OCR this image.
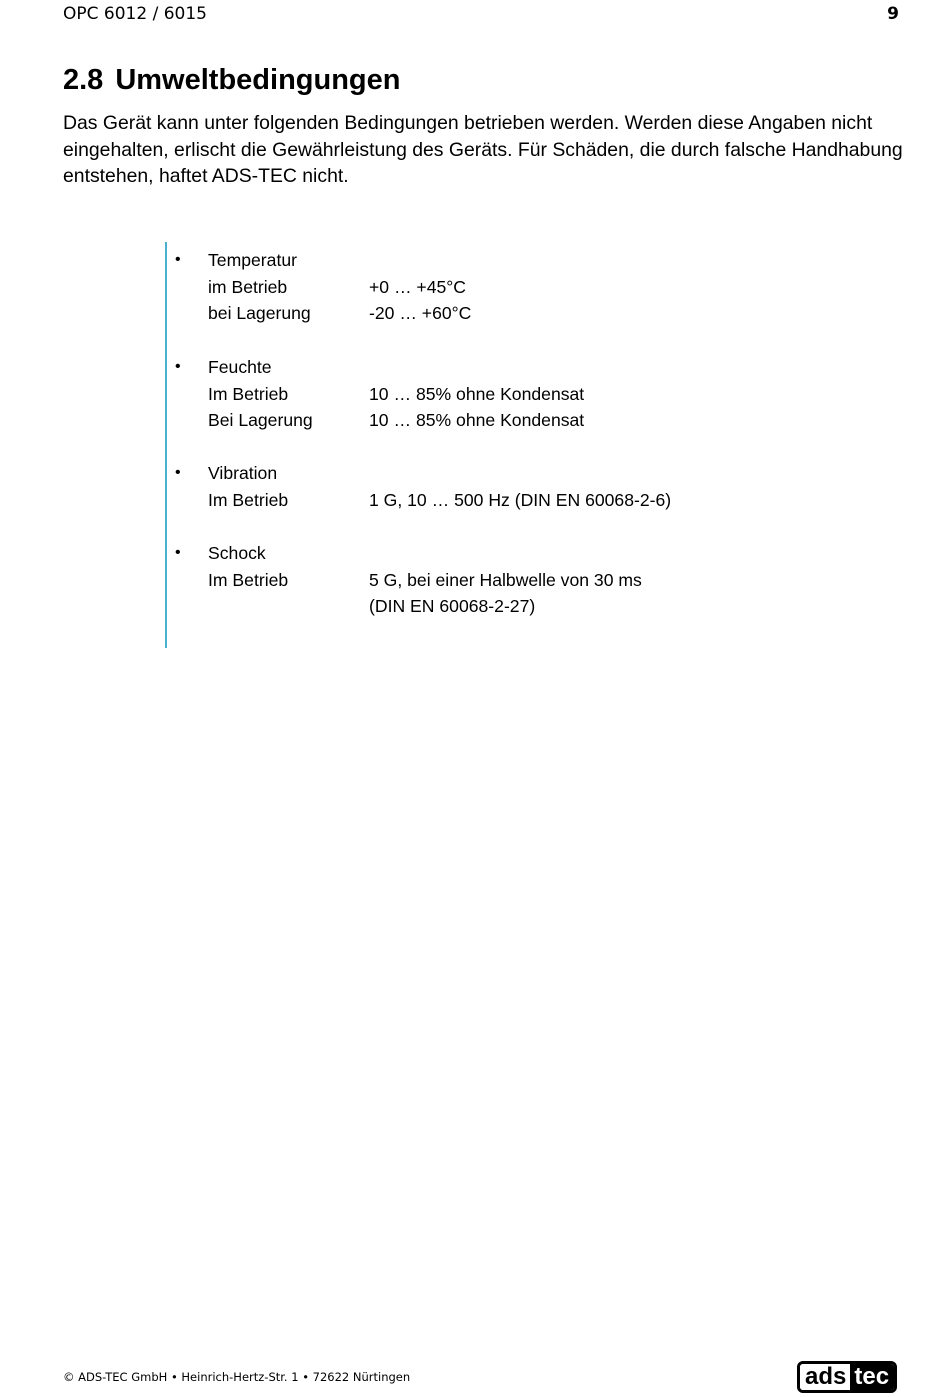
OPC 6012 / 6015	9
2.8 Umweltbedingungen

Das Gerät kann unter folgenden Bedingungen betrieben werden. Werden diese Angaben nicht eingehalten, erlischt die Gewährleistung des Geräts. Für Schäden, die durch falsche Handhabung entstehen, haftet ADS-TEC nicht.

• Temperatur
im Betrieb	+0 … +45°C
bei Lagerung	-20 … +60°C
• Feuchte
Im Betrieb	10 … 85% ohne Kondensat
Bei Lagerung	10 … 85% ohne Kondensat
• Vibration
Im Betrieb	1 G, 10 … 500 Hz (DIN EN 60068-2-6)
• Schock
Im Betrieb	5 G, bei einer Halbwelle von 30 ms
(DIN EN 60068-2-27)
© ADS-TEC GmbH • Heinrich-Hertz-Str. 1 • 72622 Nürtingen	ads tec
